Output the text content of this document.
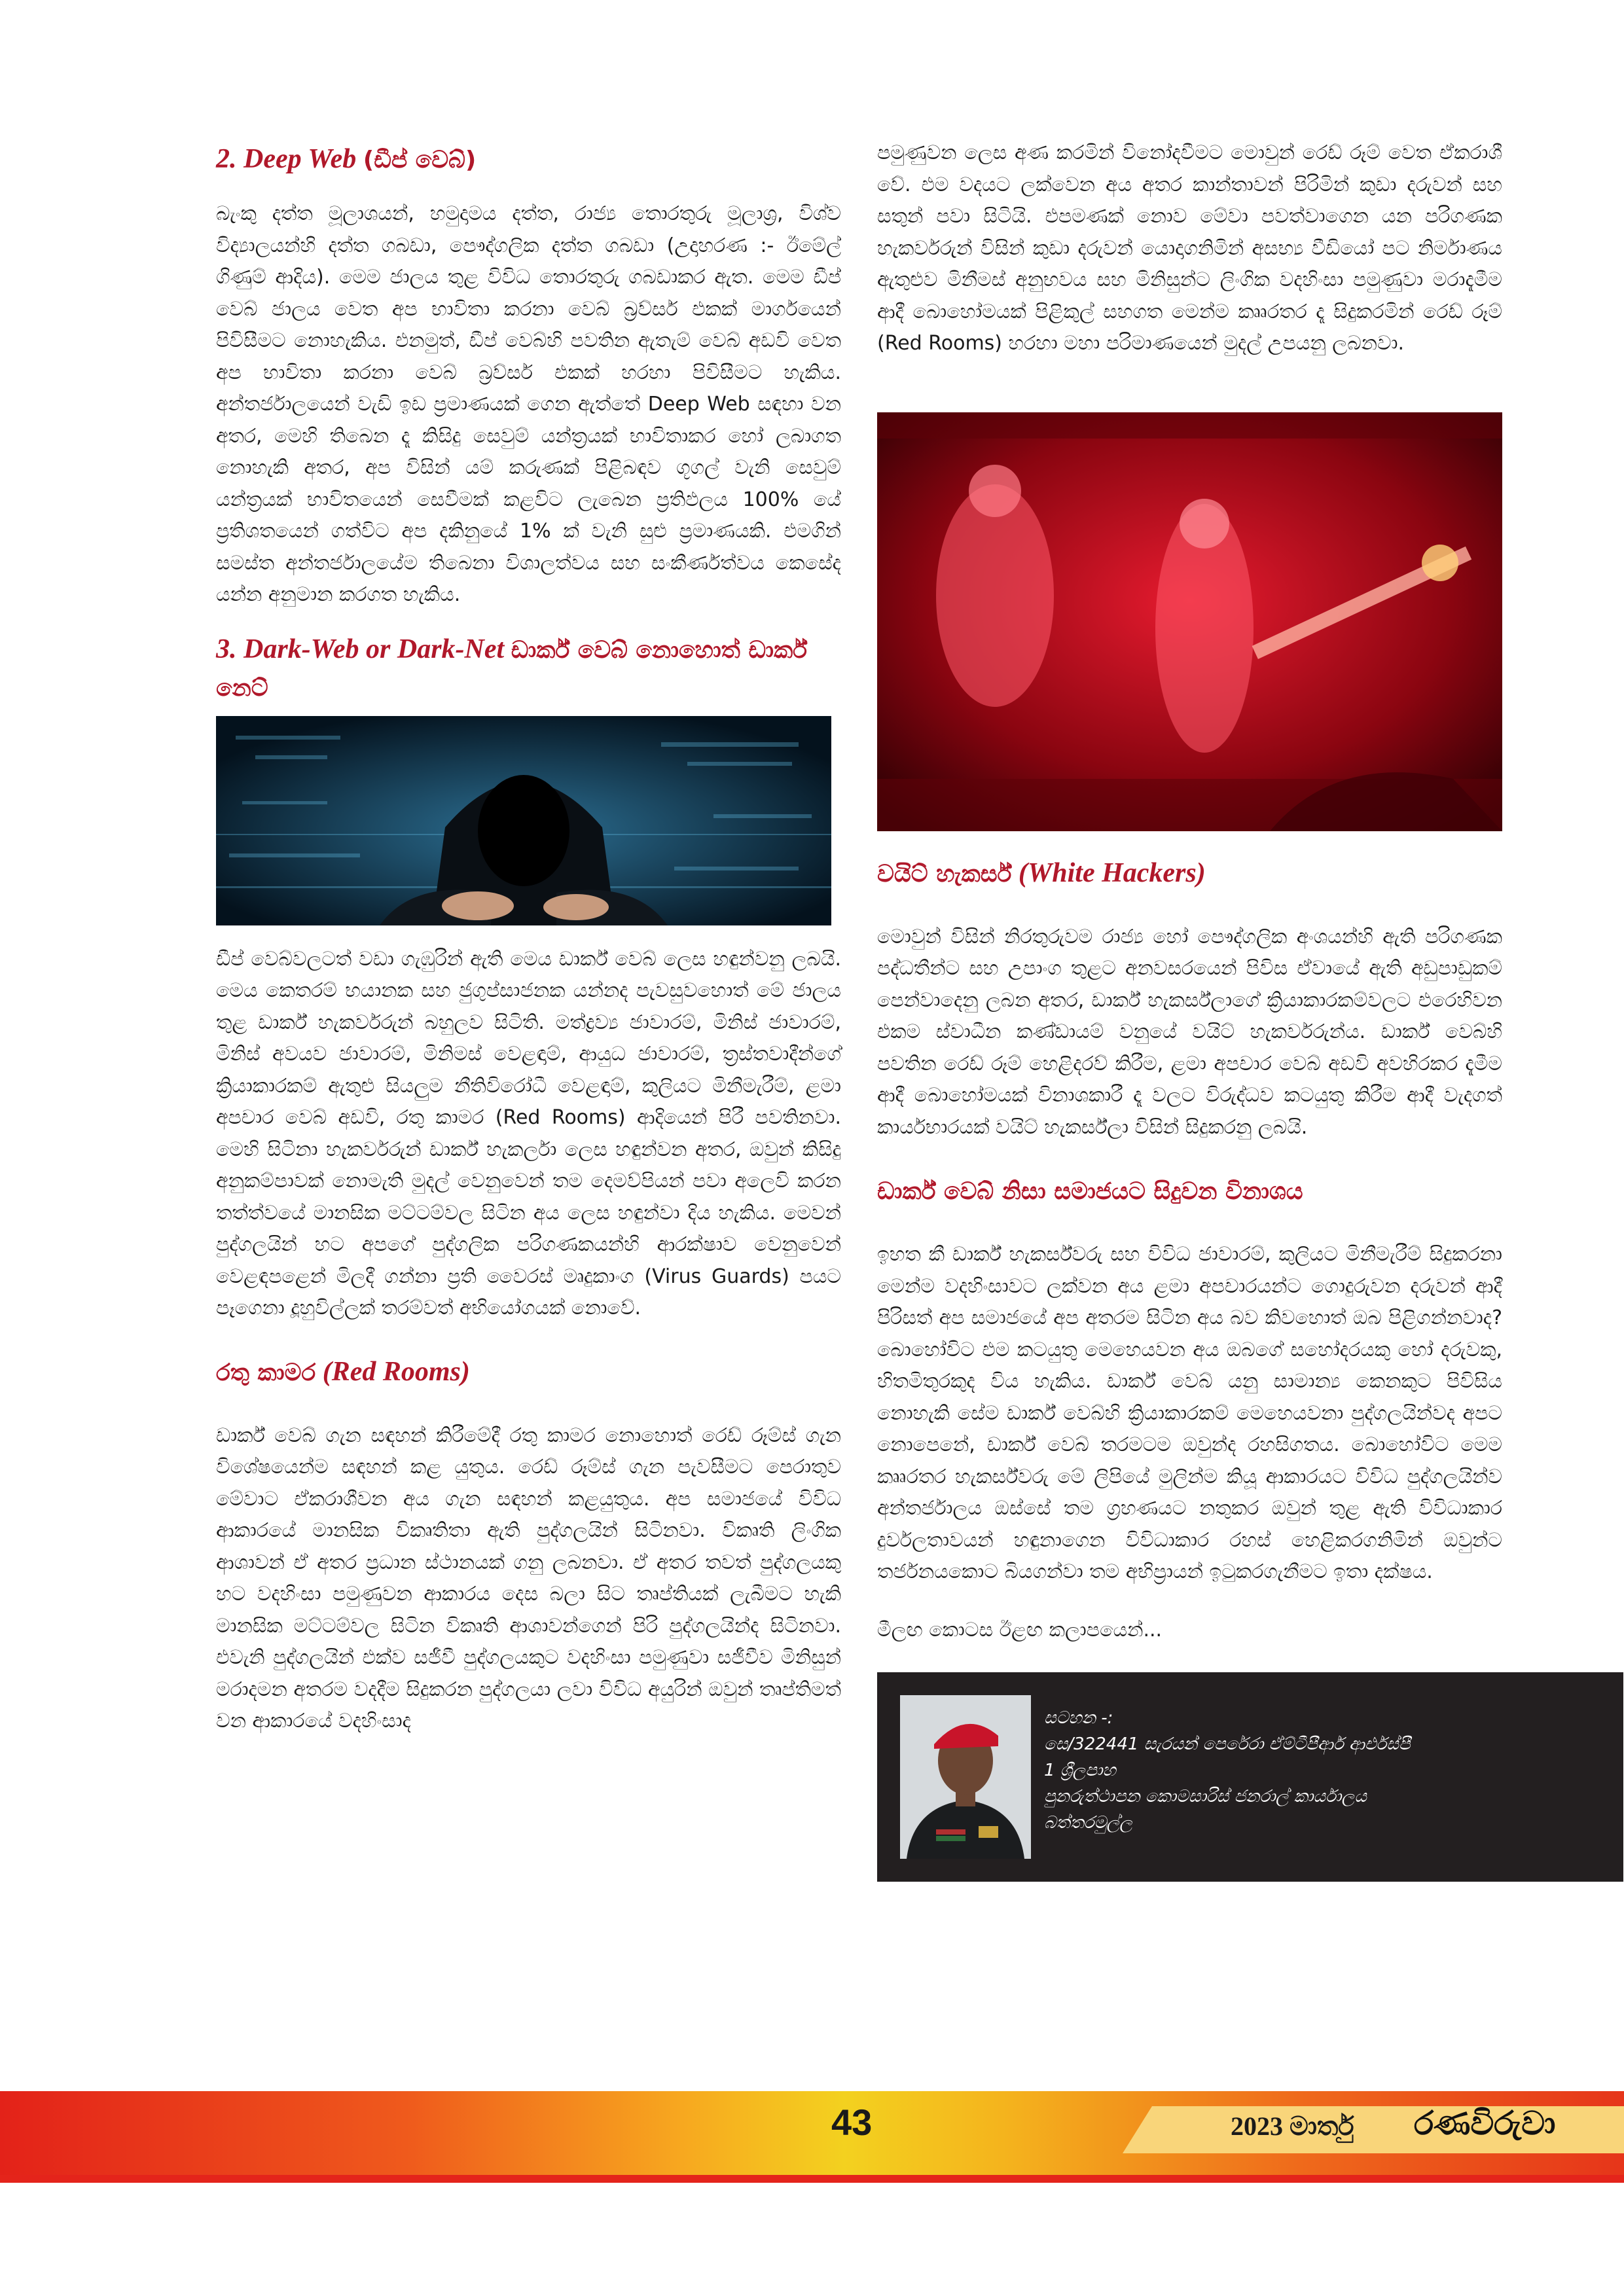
2. Deep Web (ඩීප් වෙබ්)

බැංකු දත්ත මූලාශයන්, හමුදාමය දත්ත, රාජ්‍ය තොරතුරු මූලාශ්‍ර, විශ්ව විද්‍යාලයන්හි දත්ත ගබඩා, පෞද්ගලික දත්ත ගබඩා (උදාහරණ :- ඊමේල් ගිණුම් ආදිය). මෙම ජාලය තුළ විවිධ තොරතුරු ගබඩාකර ඇත. මෙම ඩීප් වෙබ් ජාලය වෙත අප භාවිතා කරනා වෙබ් බ්‍රව්සර් එකක් මාර්ගයෙන් පිවිසීමට නොහැකිය. එනමුත්, ඩීප් වෙබ්හි පවතින ඇතැම් වෙබ් අඩවි වෙත අප භාවිතා කරනා වෙබ් බ්‍රව්සර් එකක් හරහා පිවිසීමට හැකිය. අන්තර්ජාලයෙන් වැඩි ඉඩ ප්‍රමාණයක් ගෙන ඇත්තේ Deep Web සඳහා වන අතර, මෙහි තිබෙන දෑ කිසිදු සෙවුම් යන්ත්‍රයක් භාවිතාකර හෝ ලබාගත නොහැකි අතර, අප විසින් යම් කරුණක් පිළිබඳව ගූගල් වැනි සෙවුම් යන්ත්‍රයක් භාවිතයෙන් සෙවීමක් කළවිට ලැබෙන ප්‍රතිඵලය 100% යේ ප්‍රතිශතයෙන් ගත්විට අප දකිනුයේ 1% ක් වැනි සුළු ප්‍රමාණයකි. එමගින් සමස්ත අන්තර්ජාලයේම තිබෙනා විශාලත්වය සහ සංකීර්ණත්වය කෙසේද යන්න අනුමාන කරගත හැකිය.

3. Dark-Web or Dark-Net ඩාර්ක් වෙබ් නොහොත් ඩාර්ක් නෙට්

ඩීප් වෙබ්වලටත් වඩා ගැඹුරින් ඇති මෙය ඩාර්ක් වෙබ් ලෙස හඳුන්වනු ලබයි. මෙය කෙතරම් භයානක සහ ජුගුප්සාජනක යන්නද පැවසුවහොත් මේ ජාලය තුළ ඩාර්ක් හැකර්වරුන් බහුලව සිටිති. මත්ද්‍රව්‍ය ජාවාරම්, මිනිස් ජාවාරම්, මිනිස් අවයව ජාවාරම්, මිනිමස් වෙළඳාම්, ආයුධ ජාවාරම්, ත්‍රස්තවාදීන්ගේ ක්‍රියාකාරකම් ඇතුළු සියලුම නීතිවිරෝධී වෙළඳාම්, කුලියට මිනීමැරීම්, ළමා අපචාර වෙබ් අඩවි, රතු කාමර (Red Rooms) ආදියෙන් පිරී පවතිනවා. මෙහි සිටිනා හැකර්වරුන් ඩාර්ක් හැකර්ලා ලෙස හඳුන්වන අතර, ඔවුන් කිසිදු අනුකම්පාවක් නොමැති මුදල් වෙනුවෙන් තම දෙමව්පියන් පවා අලෙවි කරන තත්ත්වයේ මානසික මට්ටම්වල සිටින අය ලෙස හඳුන්වා දිය හැකිය. මෙවන් පුද්ගලයින් හට අපගේ පුද්ගලික පරිගණකයන්හි ආරක්ෂාව වෙනුවෙන් වෙළඳපළෙන් මිලදී ගන්නා ප්‍රති වෛරස් මෘදුකාංග (Virus Guards) පයට පෑගෙනා දූහුවිල්ලක් තරම්වත් අභියෝගයක් නොවේ.

රතු කාමර (Red Rooms)

ඩාර්ක් වෙබ් ගැන සඳහන් කිරීමේදී රතු කාමර නොහොත් රෙඩ් රූම්ස් ගැන විශේෂයෙන්ම සඳහන් කළ යුතුය. රෙඩ් රූම්ස් ගැන පැවසීමට පෙරාතුව මේවාට ඒකරාශීවන අය ගැන සඳහන් කළයුතුය. අප සමාජයේ විවිධ ආකාරයේ මානසික විකෘතිතා ඇති පුද්ගලයින් සිටිනවා. විකෘති ලිංගික ආශාවන් ඒ අතර ප්‍රධාන ස්ථානයක් ගනු ලබනවා. ඒ අතර තවත් පුද්ගලයකු හට වදහිංසා පමුණුවන ආකාරය දෙස බලා සිට තෘප්තියක් ලැබීමට හැකි මානසික මට්ටම්වල සිටින විකෘති ආශාවන්ගෙන් පිරි පුද්ගලයින්ද සිටිනවා. එවැනි පුද්ගලයින් එක්ව සජීවී පුද්ගලයකුට වදහිංසා පමුණුවා සජීවීව මිනිසුන් මරාදමන අතරම වදදීම සිදුකරන පුද්ගලයා ලවා විවිධ අයුරින් ඔවුන් තෘප්තිමත් වන ආකාරයේ වදහිංසාද

පමුණුවන ලෙස අණ කරමින් විනෝදවීමට මොවුන් රෙඩ් රූම් වෙත ඒකරාශී වේ. එම වදයට ලක්වෙන අය අතර කාන්තාවන් පිරිමින් කුඩා දරුවන් සහ සතුන් පවා සිටියි. එපමණක් නොව මේවා පවත්වාගෙන යන පරිගණක හැකර්වරුන් විසින් කුඩා දරුවන් යොදාගනිමින් අසභ්‍ය වීඩියෝ පට නිර්මාණය ඇතුළුව මිනීමස් අනුභවය සහ මිනිසුන්ට ලිංගික වදහිංසා පමුණුවා මරාදැමීම ආදී බොහෝමයක් පිළිකුල් සහගත මෙන්ම කෲරතර දෑ සිදුකරමින් රෙඩ් රූම් (Red Rooms) හරහා මහා පරිමාණයෙන් මුදල් උපයනු ලබනවා.

වයිට් හැකර්ස් (White Hackers)

මොවුන් විසින් නිරතුරුවම රාජ්‍ය හෝ පෞද්ගලික අංශයන්හි ඇති පරිගණක පද්ධතීන්ට සහ උපාංග තුළට අනවසරයෙන් පිවිස ඒවායේ ඇති අඩුපාඩුකම් පෙන්වාදෙනු ලබන අතර, ඩාර්ක් හැකර්ස්ලාගේ ක්‍රියාකාරකම්වලට එරෙහිවන එකම ස්වාධීන කණ්ඩායම් වනුයේ වයිට් හැකර්වරුන්ය. ඩාර්ක් වෙබ්හි පවතින රෙඩ් රූම් හෙළිදරව් කිරීම, ළමා අපචාර වෙබ් අඩවි අවහිරකර දැමීම ආදී බොහෝමයක් විනාශකාරී දෑ වලට විරුද්ධව කටයුතු කිරීම ආදී වැදගත් කාර්යභාරයක් වයිට් හැකර්ස්ලා විසින් සිදුකරනු ලබයි.

ඩාර්ක් වෙබ් නිසා සමාජයට සිදුවන විනාශය

ඉහත කී ඩාර්ක් හැකර්ස්වරු සහ විවිධ ජාවාරම්, කුලියට මිනීමැරීම් සිදුකරනා මෙන්ම වදහිංසාවට ලක්වන අය ළමා අපචාරයන්ට ගොදුරුවන දරුවන් ආදී පිරිසත් අප සමාජයේ අප අතරම සිටින අය බව කිවහොත් ඔබ පිළිගන්නවාද? බොහෝවිට එම කටයුතු මෙහෙයවන අය ඔබගේ සහෝදරයකු හෝ දරුවකු, හිතමිතුරකුද විය හැකිය. ඩාර්ක් වෙබ් යනු සාමාන්‍ය කෙනකුට පිවිසිය නොහැකි සේම ඩාර්ක් වෙබ්හි ක්‍රියාකාරකම් මෙහෙයවනා පුද්ගලයින්වද අපට නොපෙනේ, ඩාර්ක් වෙබ් තරමටම ඔවුන්ද රහසිගතය. බොහෝවිට මෙම කෲරතර හැකර්ස්වරු මේ ලිපියේ මුලින්ම කියූ ආකාරයට විවිධ පුද්ගලයින්ව අන්තර්ජාලය ඔස්සේ තම ග්‍රහණයට නතුකර ඔවුන් තුළ ඇති විවිධාකාර දුර්වලතාවයන් හඳුනාගෙන විවිධාකාර රහස් හෙළිකරගනිමින් ඔවුන්ට තර්ජනයකොට බියගන්වා තම අභිප්‍රායන් ඉටුකරගැනීමට ඉතා දක්ෂය.

මීලඟ කොටස ඊළඟ කලාපයෙන්...

සටහන -:
සෙ/322441 සැරයන් පෙරේරා ඒම්ටීපීආර් ආර්එස්පී
1 ශ්‍රීලපාහ
පුනරුත්ථාපන කොමසාරිස් ජනරාල් කාර්යාලය
බත්තරමුල්ල
43	2023 මාර්තු රණවිරුවා
